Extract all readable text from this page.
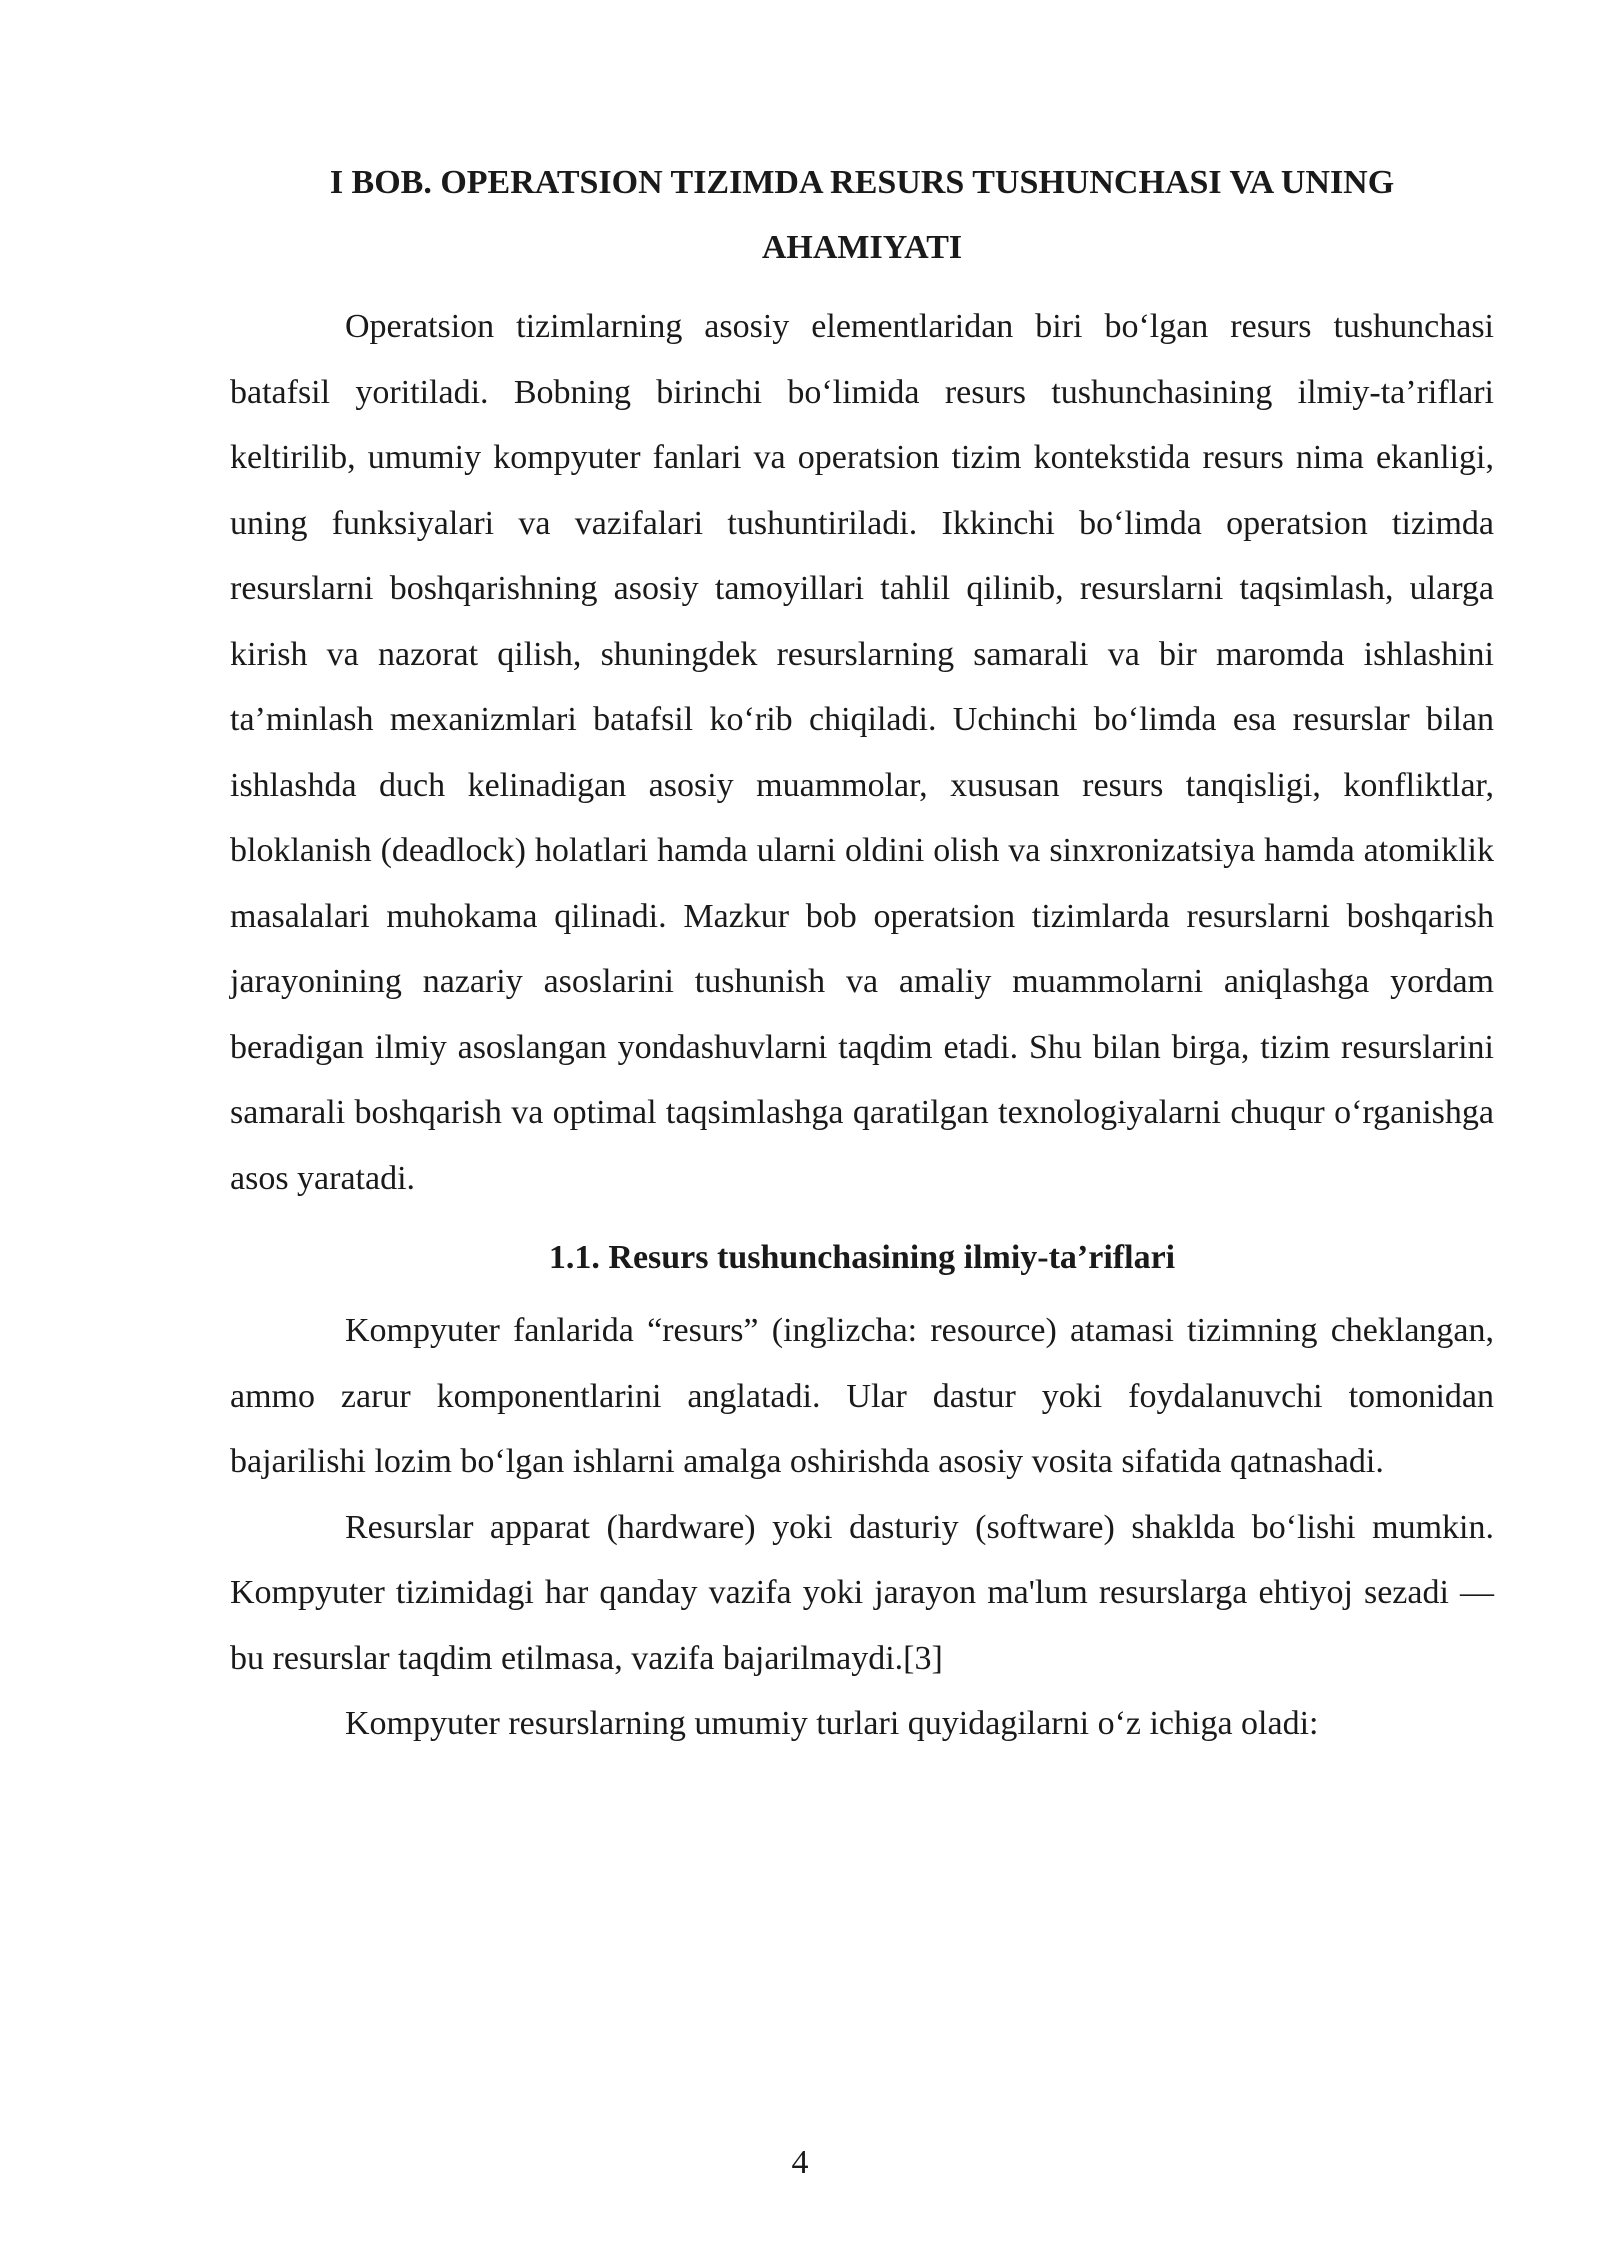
I BOB. OPERATSION TIZIMDA RESURS TUSHUNCHASI VA UNING AHAMIYATI

Operatsion tizimlarning asosiy elementlaridan biri bo‘lgan resurs tushunchasi batafsil yoritiladi. Bobning birinchi bo‘limida resurs tushunchasining ilmiy-ta’riflari keltirilib, umumiy kompyuter fanlari va operatsion tizim kontekstida resurs nima ekanligi, uning funksiyalari va vazifalari tushuntiriladi. Ikkinchi bo‘limda operatsion tizimda resurslarni boshqarishning asosiy tamoyillari tahlil qilinib, resurslarni taqsimlash, ularga kirish va nazorat qilish, shuningdek resurslarning samarali va bir maromda ishlashini ta’minlash mexanizmlari batafsil ko‘rib chiqiladi. Uchinchi bo‘limda esa resurslar bilan ishlashda duch kelinadigan asosiy muammolar, xususan resurs tanqisligi, konfliktlar, bloklanish (deadlock) holatlari hamda ularni oldini olish va sinxronizatsiya hamda atomiklik masalalari muhokama qilinadi. Mazkur bob operatsion tizimlarda resurslarni boshqarish jarayonining nazariy asoslarini tushunish va amaliy muammolarni aniqlashga yordam beradigan ilmiy asoslangan yondashuvlarni taqdim etadi. Shu bilan birga, tizim resurslarini samarali boshqarish va optimal taqsimlashga qaratilgan texnologiyalarni chuqur o‘rganishga asos yaratadi.

1.1. Resurs tushunchasining ilmiy-ta’riflari

Kompyuter fanlarida “resurs” (inglizcha: resource) atamasi tizimning cheklangan, ammo zarur komponentlarini anglatadi. Ular dastur yoki foydalanuvchi tomonidan bajarilishi lozim bo‘lgan ishlarni amalga oshirishda asosiy vosita sifatida qatnashadi.

Resurslar apparat (hardware) yoki dasturiy (software) shaklda bo‘lishi mumkin. Kompyuter tizimidagi har qanday vazifa yoki jarayon ma'lum resurslarga ehtiyoj sezadi — bu resurslar taqdim etilmasa, vazifa bajarilmaydi.[3]

Kompyuter resurslarning umumiy turlari quyidagilarni o‘z ichiga oladi:

4
